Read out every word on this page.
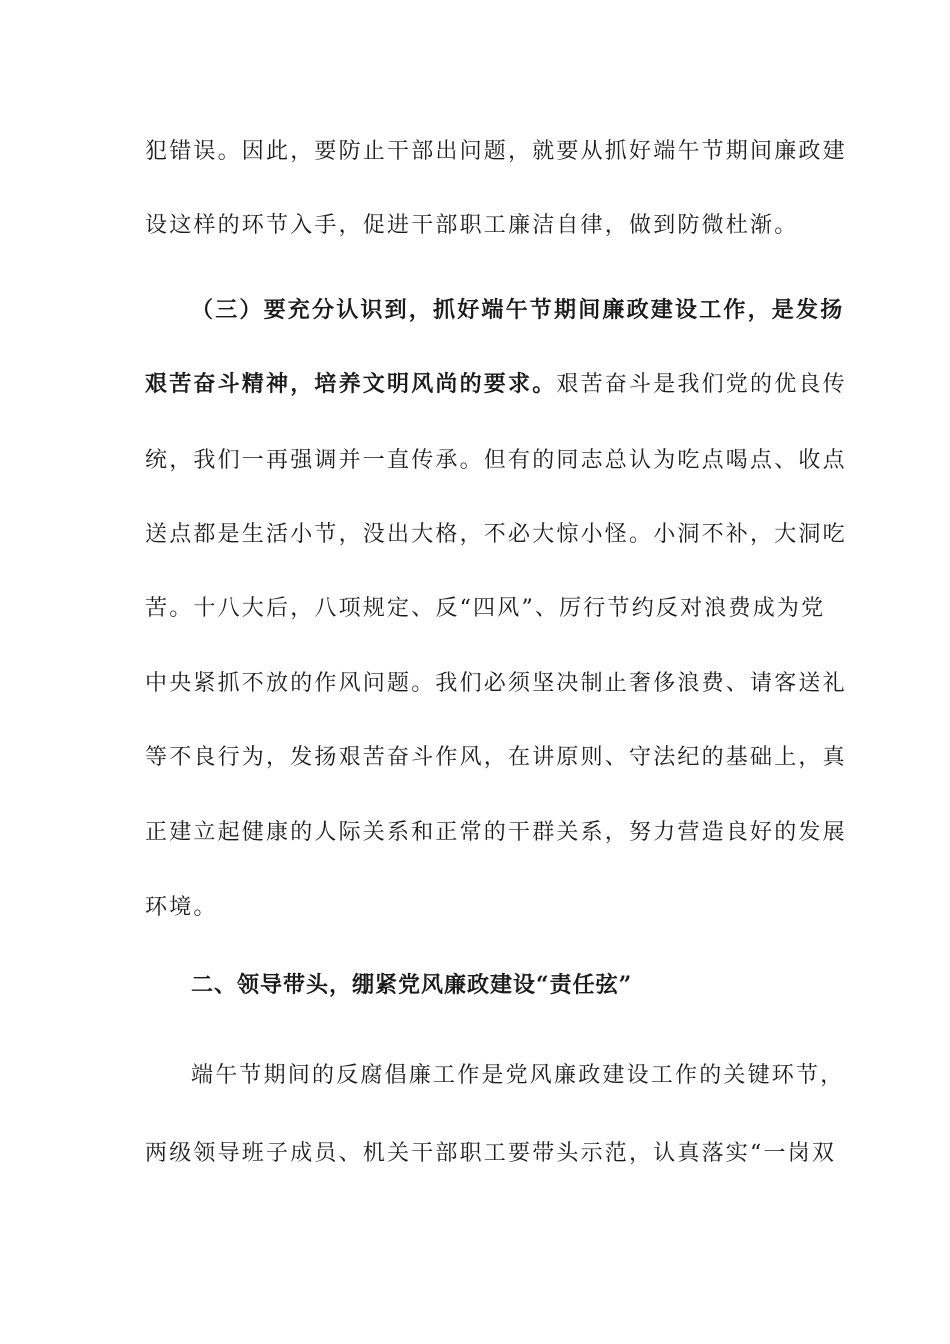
犯错误。因此，要防止干部出问题，就要从抓好端午节期间廉政建
设这样的环节入手，促进干部职工廉洁自律，做到防微杜渐。
（三）要充分认识到，抓好端午节期间廉政建设工作，是发扬
艰苦奋斗精神，培养文明风尚的要求。艰苦奋斗是我们党的优良传
统，我们一再强调并一直传承。但有的同志总认为吃点喝点、收点
送点都是生活小节，没出大格，不必大惊小怪。小洞不补，大洞吃
苦。十八大后，八项规定、反“四风”、厉行节约反对浪费成为党
中央紧抓不放的作风问题。我们必须坚决制止奢侈浪费、请客送礼
等不良行为，发扬艰苦奋斗作风，在讲原则、守法纪的基础上，真
正建立起健康的人际关系和正常的干群关系，努力营造良好的发展
环境。
二、领导带头，绷紧党风廉政建设“责任弦”
端午节期间的反腐倡廉工作是党风廉政建设工作的关键环节，
两级领导班子成员、机关干部职工要带头示范，认真落实“一岗双
